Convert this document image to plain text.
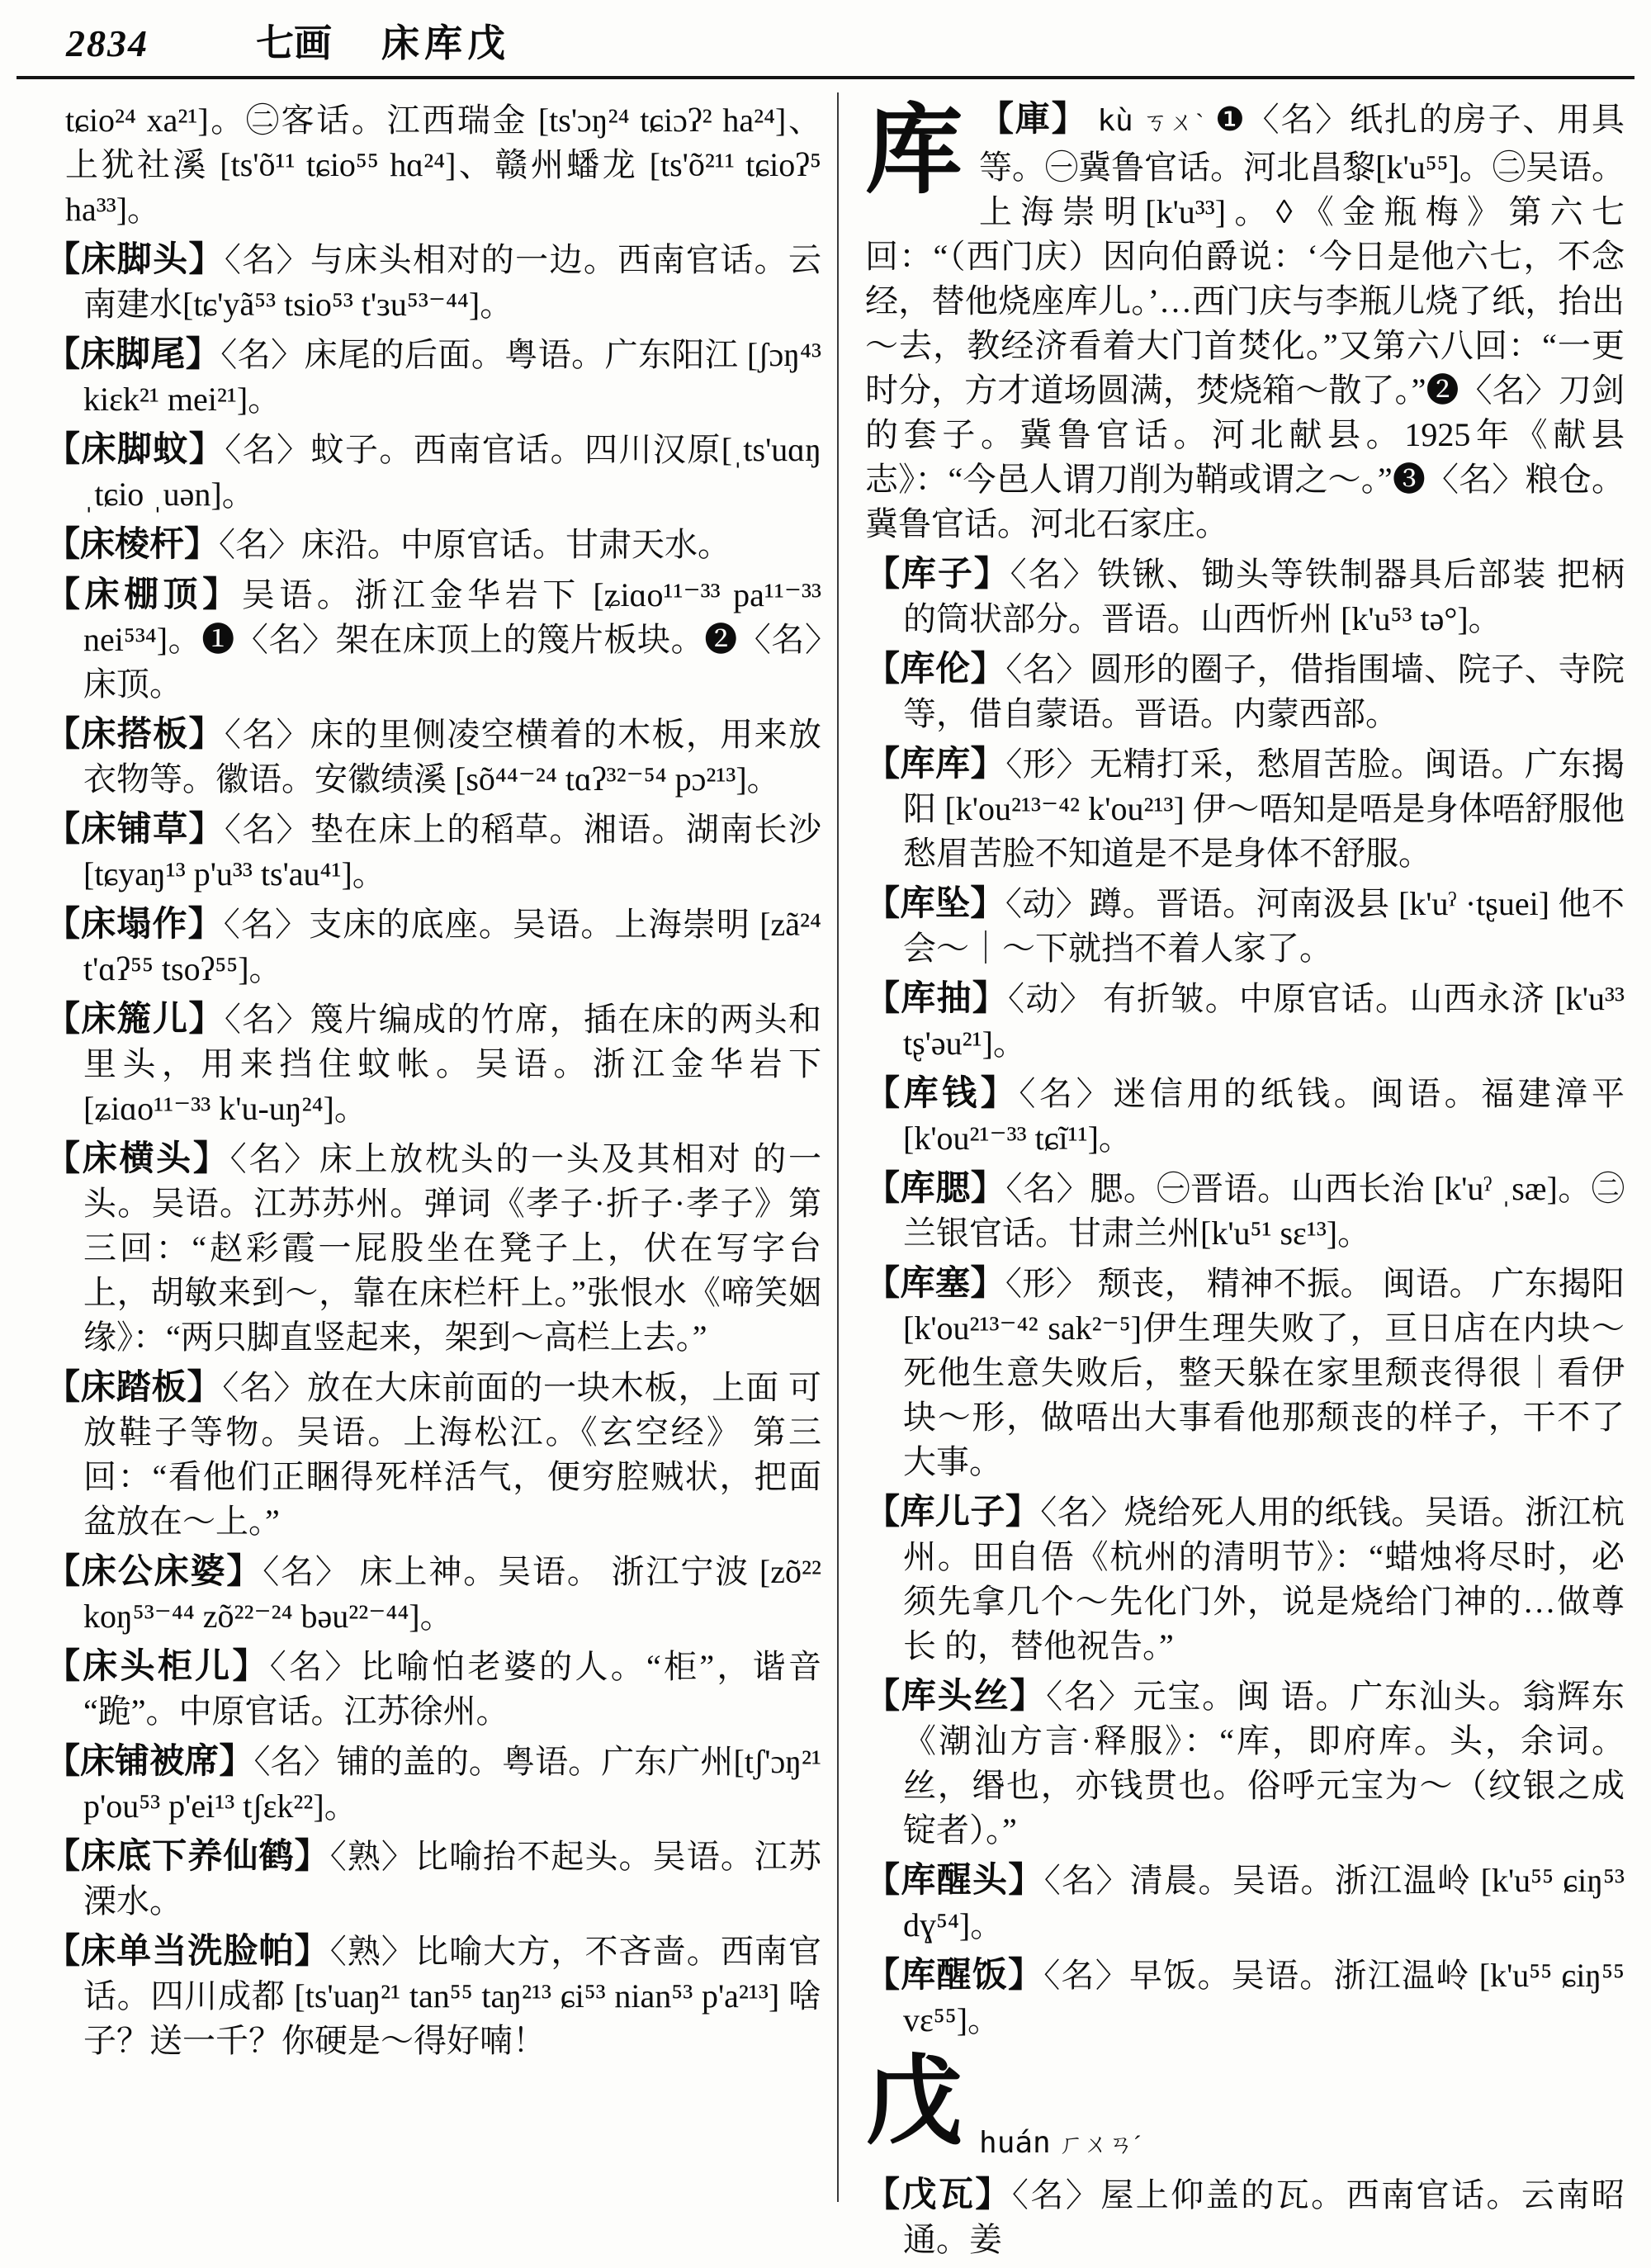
2834	七画 床库戊
tɕio²⁴ xa²¹]。㊁客话。江西瑞金 [ts'ɔŋ²⁴ tɕiɔʔ² ha²⁴]、上犹社溪 [ts'õ¹¹ tɕio⁵⁵ hɑ²⁴]、赣州蟠龙 [ts'õ²¹¹ tɕioʔ⁵ ha³³]。
【床脚头】〈名〉与床头相对的一边。西南官话。云南建水[tɕ'yã⁵³ tsio⁵³ t'ɜu⁵³⁻⁴⁴]。
【床脚尾】〈名〉床尾的后面。粤语。广东阳江 [ʃɔŋ⁴³ kiɛk²¹ mei²¹]。
【床脚蚊】〈名〉蚊子。西南官话。四川汉原[ˌts'uɑŋ ˌtɕio ˌuən]。
【床棱杆】〈名〉床沿。中原官话。甘肃天水。
【床棚顶】吴语。浙江金华岩下 [ʑiɑo¹¹⁻³³ pa¹¹⁻³³ nei⁵³⁴]。❶〈名〉架在床顶上的篾片板块。❷〈名〉床顶。
【床搭板】〈名〉床的里侧凌空横着的木板，用来放衣物等。徽语。安徽绩溪 [sõ⁴⁴⁻²⁴ tɑʔ³²⁻⁵⁴ pɔ²¹³]。
【床铺草】〈名〉垫在床上的稻草。湘语。湖南长沙 [tɕyaŋ¹³ p'u³³ ts'au⁴¹]。
【床塌作】〈名〉支床的底座。吴语。上海崇明 [zã²⁴ t'ɑʔ⁵⁵ tsoʔ⁵⁵]。
【床箷儿】〈名〉篾片编成的竹席，插在床的两头和里头，用来挡住蚊帐。吴语。浙江金华岩下 [ʑiɑo¹¹⁻³³ k'u-uŋ²⁴]。
【床横头】〈名〉床上放枕头的一头及其相对 的一头。吴语。江苏苏州。弹词《孝子·折子·孝子》第三回：“赵彩霞一屁股坐在凳子上，伏在写字台上，胡敏来到～，靠在床栏杆上。”张恨水《啼笑姻缘》：“两只脚直竖起来，架到～高栏上去。”
【床踏板】〈名〉放在大床前面的一块木板，上面 可放鞋子等物。吴语。上海松江。《玄空经》 第三回：“看他们正睏得死样活气，便穷腔贼状，把面盆放在～上。”
【床公床婆】〈名〉 床上神。吴语。 浙江宁波 [zõ²² koŋ⁵³⁻⁴⁴ zõ²²⁻²⁴ bəu²²⁻⁴⁴]。
【床头柜儿】〈名〉比喻怕老婆的人。“柜”，谐音 “跪”。中原官话。江苏徐州。
【床铺被席】〈名〉铺的盖的。粤语。广东广州[tʃ'ɔŋ²¹ p'ou⁵³ p'ei¹³ tʃɛk²²]。
【床底下养仙鹤】〈熟〉比喻抬不起头。吴语。江苏溧水。
【床单当洗脸帕】〈熟〉比喻大方，不吝啬。西南官话。四川成都 [ts'uaŋ²¹ tan⁵⁵ taŋ²¹³ ɕi⁵³ nian⁵³ p'a²¹³] 啥子？送一千？你硬是～得好喃！
库 【庫】 kù ㄎㄨˋ ❶〈名〉纸扎的房子、用具等。㊀冀鲁官话。河北昌黎[k'u⁵⁵]。㊁吴语。上海崇明[k'u³³]。◊《金瓶梅》第六七回：“（西门庆）因向伯爵说：‘今日是他六七，不念经，替他烧座库儿。’…西门庆与李瓶儿烧了纸，抬出～去，教经济看着大门首焚化。”又第六八回：“一更时分，方才道场圆满，焚烧箱～散了。”❷〈名〉刀剑的套子。冀鲁官话。河北献县。1925年《献县志》：“今邑人谓刀削为鞘或谓之～。”❸〈名〉粮仓。冀鲁官话。河北石家庄。
【库子】〈名〉铁锹、锄头等铁制器具后部装 把柄 的筒状部分。晋语。山西忻州 [k'u⁵³ tə°]。
【库伦】〈名〉圆形的圈子，借指围墙、院子、寺院等，借自蒙语。晋语。内蒙西部。
【库库】〈形〉无精打采，愁眉苦脸。闽语。广东揭阳 [k'ou²¹³⁻⁴² k'ou²¹³] 伊～唔知是唔是身体唔舒服他愁眉苦脸不知道是不是身体不舒服。
【库坠】〈动〉蹲。晋语。河南汲县 [k'uˀ ·tʂuei] 他不会～｜～下就挡不着人家了。
【库抽】〈动〉 有折皱。中原官话。山西永济 [k'u³³ tʂ'əu²¹]。
【库钱】〈名〉迷信用的纸钱。闽语。福建漳平 [k'ou²¹⁻³³ tɕĩ¹¹]。
【库腮】〈名〉腮。㊀晋语。山西长治 [k'uˀ ˌsæ]。㊁兰银官话。甘肃兰州[k'u⁵¹ sɛ¹³]。
【库塞】〈形〉 颓丧， 精神不振。 闽语。 广东揭阳 [k'ou²¹³⁻⁴² sak²⁻⁵]伊生理失败了，亘日店在内块～死他生意失败后，整天躲在家里颓丧得很｜看伊块～形，做唔出大事看他那颓丧的样子，干不了大事。
【库儿子】〈名〉烧给死人用的纸钱。吴语。浙江杭州。田自俉《杭州的清明节》：“蜡烛将尽时，必须先拿几个～先化门外，说是烧给门神的…做尊长 的，替他祝告。”
【库头丝】〈名〉元宝。闽 语。广东汕头。翁辉东《潮汕方言·释服》：“库，即府库。头，余词。丝，缗也，亦钱贯也。俗呼元宝为～（纹银之成锭者）。”
【库醒头】〈名〉清晨。吴语。浙江温岭 [k'u⁵⁵ ɕiŋ⁵³ dɣ⁵⁴]。
【库醒饭】〈名〉早饭。吴语。浙江温岭 [k'u⁵⁵ ɕiŋ⁵⁵ vɛ⁵⁵]。
戊 huán ㄏㄨㄢˊ
【戊瓦】〈名〉屋上仰盖的瓦。西南官话。云南昭通。姜
